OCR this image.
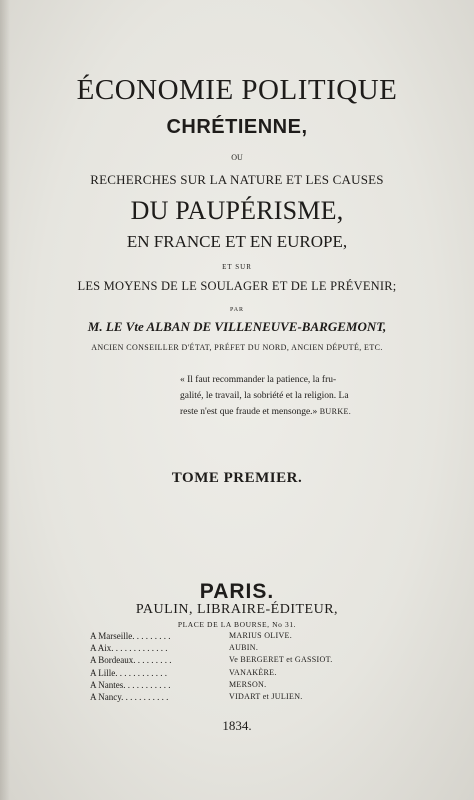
ÉCONOMIE POLITIQUE
CHRÉTIENNE,
OU
RECHERCHES SUR LA NATURE ET LES CAUSES
DU PAUPÉRISME,
EN FRANCE ET EN EUROPE,
ET SUR
LES MOYENS DE LE SOULAGER ET DE LE PRÉVENIR;
PAR
M. LE Vte ALBAN DE VILLENEUVE-BARGEMONT,
ANCIEN CONSEILLER D'ÉTAT, PRÉFET DU NORD, ANCIEN DÉPUTÉ, ETC.
« Il faut recommander la patience, la fru-
galité, le travail, la sobriété et la religion. La
reste n'est que fraude et mensonge.» BURKE.
TOME PREMIER.
PARIS.
PAULIN, LIBRAIRE-ÉDITEUR,
PLACE DE LA BOURSE, No 31.
A Marseille. . . . . . . . .	MARIUS OLIVE.
A Aix. . . . . . . . . . . . .	AUBIN.
A Bordeaux. . . . . . . . .	Ve BERGERET et GASSIOT.
A Lille. . . . . . . . . . . .	VANAKÈRE.
A Nantes. . . . . . . . . . .	MERSON.
A Nancy. . . . . . . . . . .	VIDART et JULIEN.
1834.
